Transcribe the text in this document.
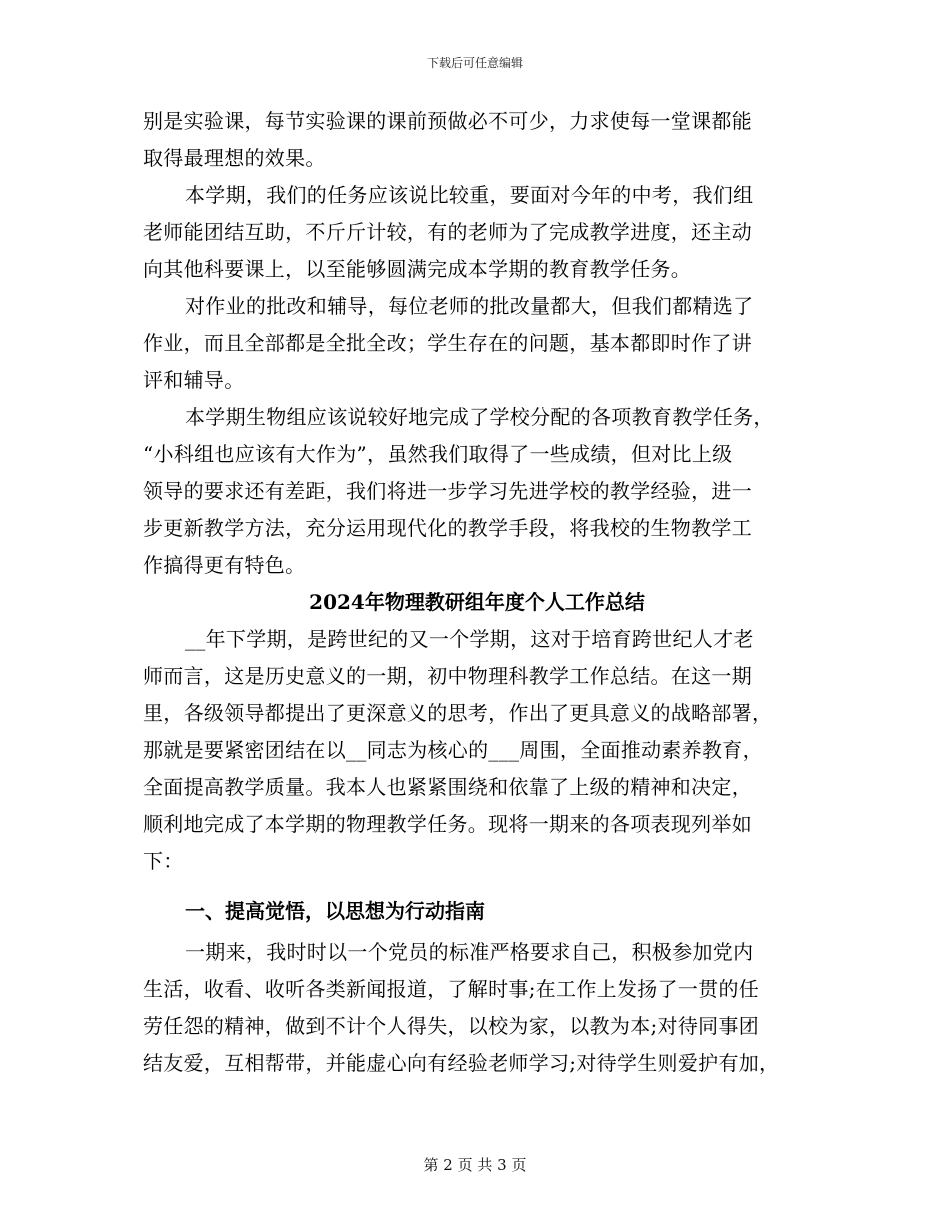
下载后可任意编辑
别是实验课，每节实验课的课前预做必不可少，力求使每一堂课都能
取得最理想的效果。
本学期，我们的任务应该说比较重，要面对今年的中考，我们组
老师能团结互助，不斤斤计较，有的老师为了完成教学进度，还主动
向其他科要课上，以至能够圆满完成本学期的教育教学任务。
对作业的批改和辅导，每位老师的批改量都大，但我们都精选了
作业，而且全部都是全批全改；学生存在的问题，基本都即时作了讲
评和辅导。
本学期生物组应该说较好地完成了学校分配的各项教育教学任务，
“小科组也应该有大作为”，虽然我们取得了一些成绩，但对比上级
领导的要求还有差距，我们将进一步学习先进学校的教学经验，进一
步更新教学方法，充分运用现代化的教学手段，将我校的生物教学工
作搞得更有特色。
2024年物理教研组年度个人工作总结
__年下学期，是跨世纪的又一个学期，这对于培育跨世纪人才老
师而言，这是历史意义的一期，初中物理科教学工作总结。在这一期
里，各级领导都提出了更深意义的思考，作出了更具意义的战略部署，
那就是要紧密团结在以__同志为核心的___周围，全面推动素养教育，
全面提高教学质量。我本人也紧紧围绕和依靠了上级的精神和决定，
顺利地完成了本学期的物理教学任务。现将一期来的各项表现列举如
下：
一、提高觉悟，以思想为行动指南
一期来，我时时以一个党员的标准严格要求自己，积极参加党内
生活，收看、收听各类新闻报道，了解时事;在工作上发扬了一贯的任
劳任怨的精神，做到不计个人得失，以校为家，以教为本;对待同事团
结友爱，互相帮带，并能虚心向有经验老师学习;对待学生则爱护有加，
第 2 页 共 3 页
